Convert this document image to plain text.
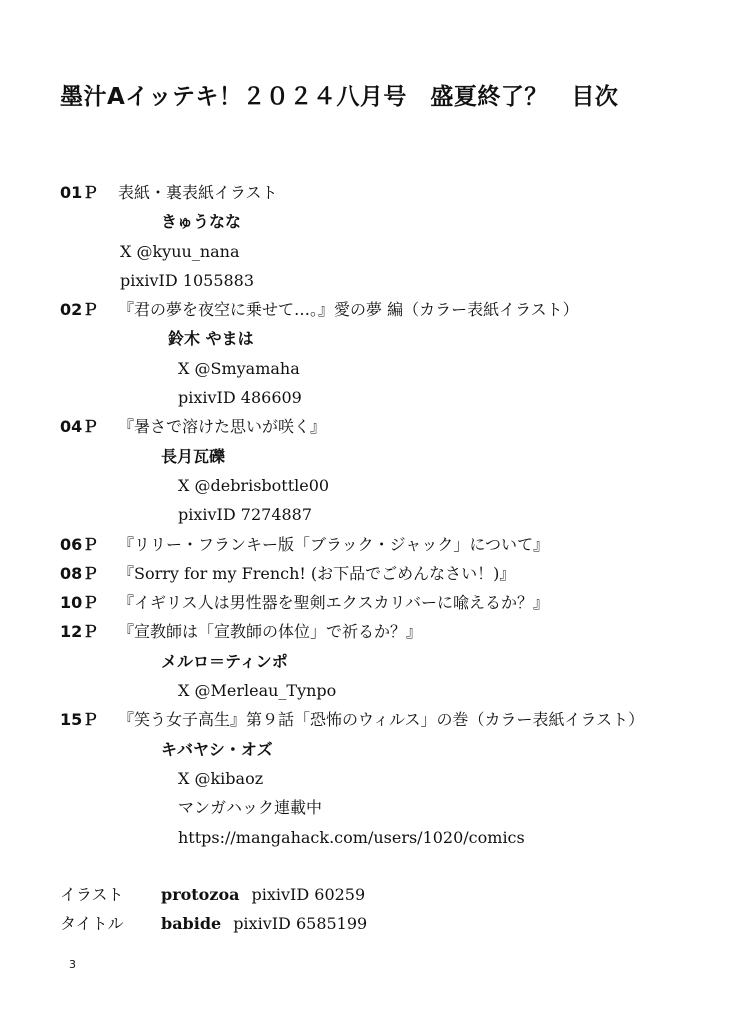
墨汁Aイッテキ！２０２４八月号　盛夏終了？　目次
01Ｐ 表紙・裏表紙イラスト
きゅうなな
X @kyuu_nana
pixivID 1055883
02Ｐ 『君の夢を夜空に乗せて…。』愛の夢 編（カラー表紙イラスト）
鈴木 やまは
X @Smyamaha
pixivID 486609
04Ｐ 『暑さで溶けた思いが咲く』
長月瓦礫
X @debrisbottle00
pixivID 7274887
06Ｐ 『リリー・フランキー版「ブラック・ジャック」について』
08Ｐ 『Sorry for my French! (お下品でごめんなさい！)』
10Ｐ 『イギリス人は男性器を聖剣エクスカリバーに喩えるか？』
12Ｐ 『宣教師は「宣教師の体位」で祈るか？』
メルロ＝ティンポ
X @Merleau_Tynpo
15Ｐ 『笑う女子高生』第９話「恐怖のウィルス」の巻（カラー表紙イラスト）
キバヤシ・オズ
X @kibaoz
マンガハック連載中
https://mangahack.com/users/1020/comics
イラスト protozoa pixivID 60259
タイトル babide pixivID 6585199
3
